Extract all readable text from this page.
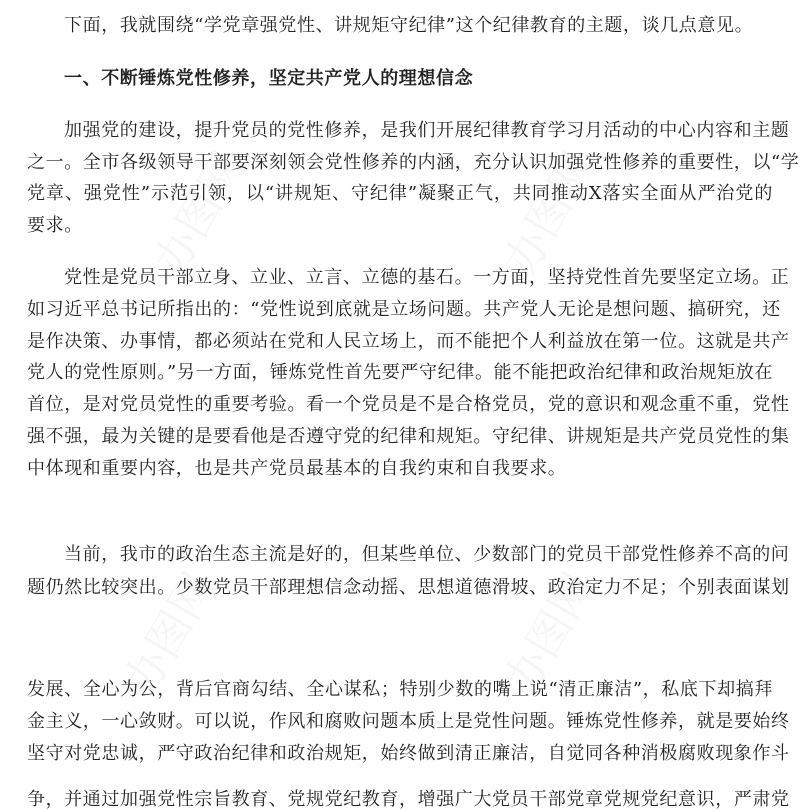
下面，我就围绕“学党章强党性、讲规矩守纪律”这个纪律教育的主题，谈几点意见。
一、不断锤炼党性修养，坚定共产党人的理想信念
加强党的建设，提升党员的党性修养，是我们开展纪律教育学习月活动的中心内容和主题
之一。全市各级领导干部要深刻领会党性修养的内涵，充分认识加强党性修养的重要性，以“学
党章、强党性”示范引领，以“讲规矩、守纪律”凝聚正气，共同推动X落实全面从严治党的
要求。
党性是党员干部立身、立业、立言、立德的基石。一方面，坚持党性首先要坚定立场。正
如习近平总书记所指出的：“党性说到底就是立场问题。共产党人无论是想问题、搞研究，还
是作决策、办事情，都必须站在党和人民立场上，而不能把个人利益放在第一位。这就是共产
党人的党性原则。”另一方面，锤炼党性首先要严守纪律。能不能把政治纪律和政治规矩放在
首位，是对党员党性的重要考验。看一个党员是不是合格党员，党的意识和观念重不重，党性
强不强，最为关键的是要看他是否遵守党的纪律和规矩。守纪律、讲规矩是共产党员党性的集
中体现和重要内容，也是共产党员最基本的自我约束和自我要求。
当前，我市的政治生态主流是好的，但某些单位、少数部门的党员干部党性修养不高的问
题仍然比较突出。少数党员干部理想信念动摇、思想道德滑坡、政治定力不足；个别表面谋划
发展、全心为公，背后官商勾结、全心谋私；特别少数的嘴上说“清正廉洁”，私底下却搞拜
金主义，一心敛财。可以说，作风和腐败问题本质上是党性问题。锤炼党性修养，就是要始终
坚守对党忠诚，严守政治纪律和政治规矩，始终做到清正廉洁，自觉同各种消极腐败现象作斗
争，并通过加强党性宗旨教育、党规党纪教育，增强广大党员干部党章党规党纪意识，严肃党
